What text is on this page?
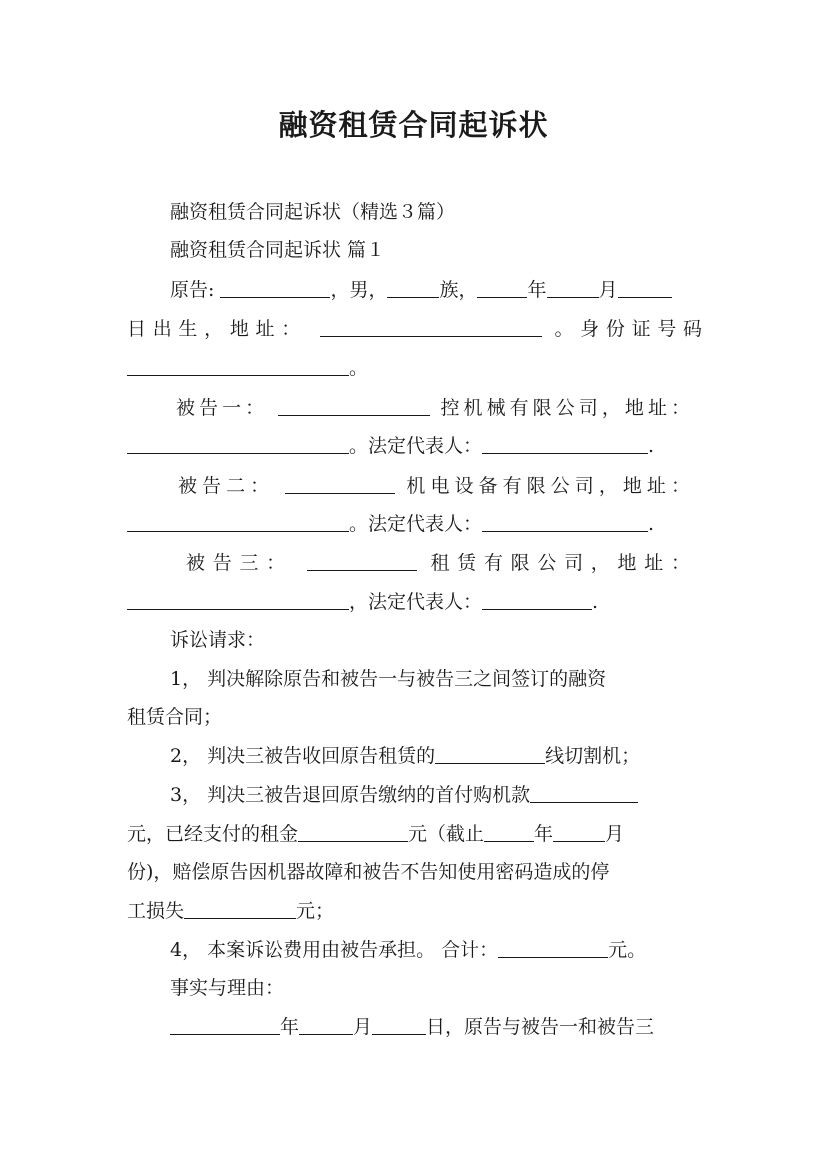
融资租赁合同起诉状
融资租赁合同起诉状（精选３篇）
融资租赁合同起诉状 篇１
原告:	，男，	族，	年	月
日出生，地址：	。身份证号码
。
被告一：	控机械有限公司，地址：
。法定代表人：	.
被告二：	机电设备有限公司，地址：
。法定代表人：	.
被告三：	租赁有限公司，地址：
，法定代表人：	.
诉讼请求：
1， 判决解除原告和被告一与被告三之间签订的融资
租赁合同；
2， 判决三被告收回原告租赁的	线切割机；
3， 判决三被告退回原告缴纳的首付购机款
元，已经支付的租金	元（截止	年	月
份)，赔偿原告因机器故障和被告不告知使用密码造成的停
工损失	元；
4， 本案诉讼费用由被告承担。 合计：	元。
事实与理由：
年	月	日，原告与被告一和被告三
